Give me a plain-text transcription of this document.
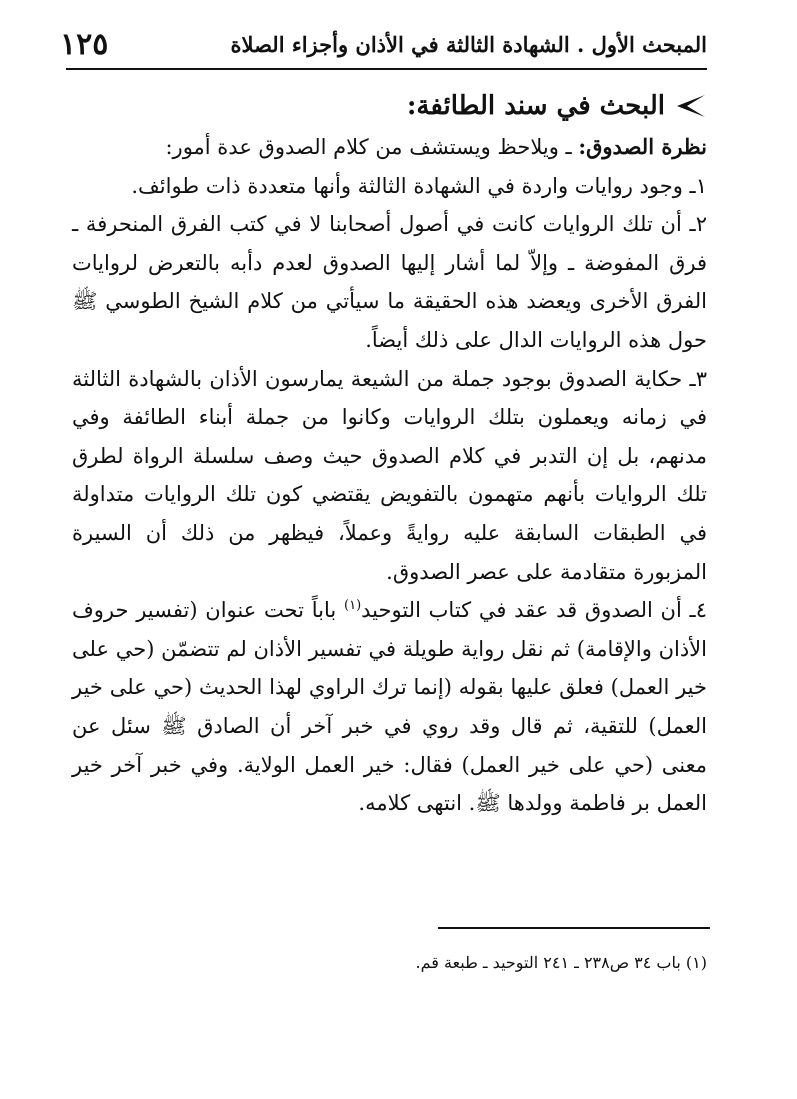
المبحث الأول . الشهادة الثالثة في الأذان وأجزاء الصلاة
١٢٥
البحث في سند الطائفة:

نظرة الصدوق: ـ ويلاحظ ويستشف من كلام الصدوق عدة أمور:

١ـ وجود روايات واردة في الشهادة الثالثة وأنها متعددة ذات طوائف.

٢ـ أن تلك الروايات كانت في أصول أصحابنا لا في كتب الفرق المنحرفة ـ فرق المفوضة ـ وإلاّ لما أشار إليها الصدوق لعدم دأبه بالتعرض لروايات الفرق الأخرى ويعضد هذه الحقيقة ما سيأتي من كلام الشيخ الطوسي ﷺ حول هذه الروايات الدال على ذلك أيضاً.

٣ـ حكاية الصدوق بوجود جملة من الشيعة يمارسون الأذان بالشهادة الثالثة في زمانه ويعملون بتلك الروايات وكانوا من جملة أبناء الطائفة وفي مدنهم، بل إن التدبر في كلام الصدوق حيث وصف سلسلة الرواة لطرق تلك الروايات بأنهم متهمون بالتفويض يقتضي كون تلك الروايات متداولة في الطبقات السابقة عليه روايةً وعملاً، فيظهر من ذلك أن السيرة المزبورة متقادمة على عصر الصدوق.

٤ـ أن الصدوق قد عقد في كتاب التوحيد$^{(١)}$ باباً تحت عنوان (تفسير حروف الأذان والإقامة) ثم نقل رواية طويلة في تفسير الأذان لم تتضمّن (حي على خير العمل) فعلق عليها بقوله (إنما ترك الراوي لهذا الحديث (حي على خير العمل) للتقية، ثم قال وقد روي في خبر آخر أن الصادق ﷺ سئل عن معنى (حي على خير العمل) فقال: خير العمل الولاية. وفي خبر آخر خير العمل بر فاطمة وولدها ﷺ. انتهى كلامه.

(١) باب ٣٤ ص٢٣٨ ـ ٢٤١ التوحيد ـ طبعة قم.
